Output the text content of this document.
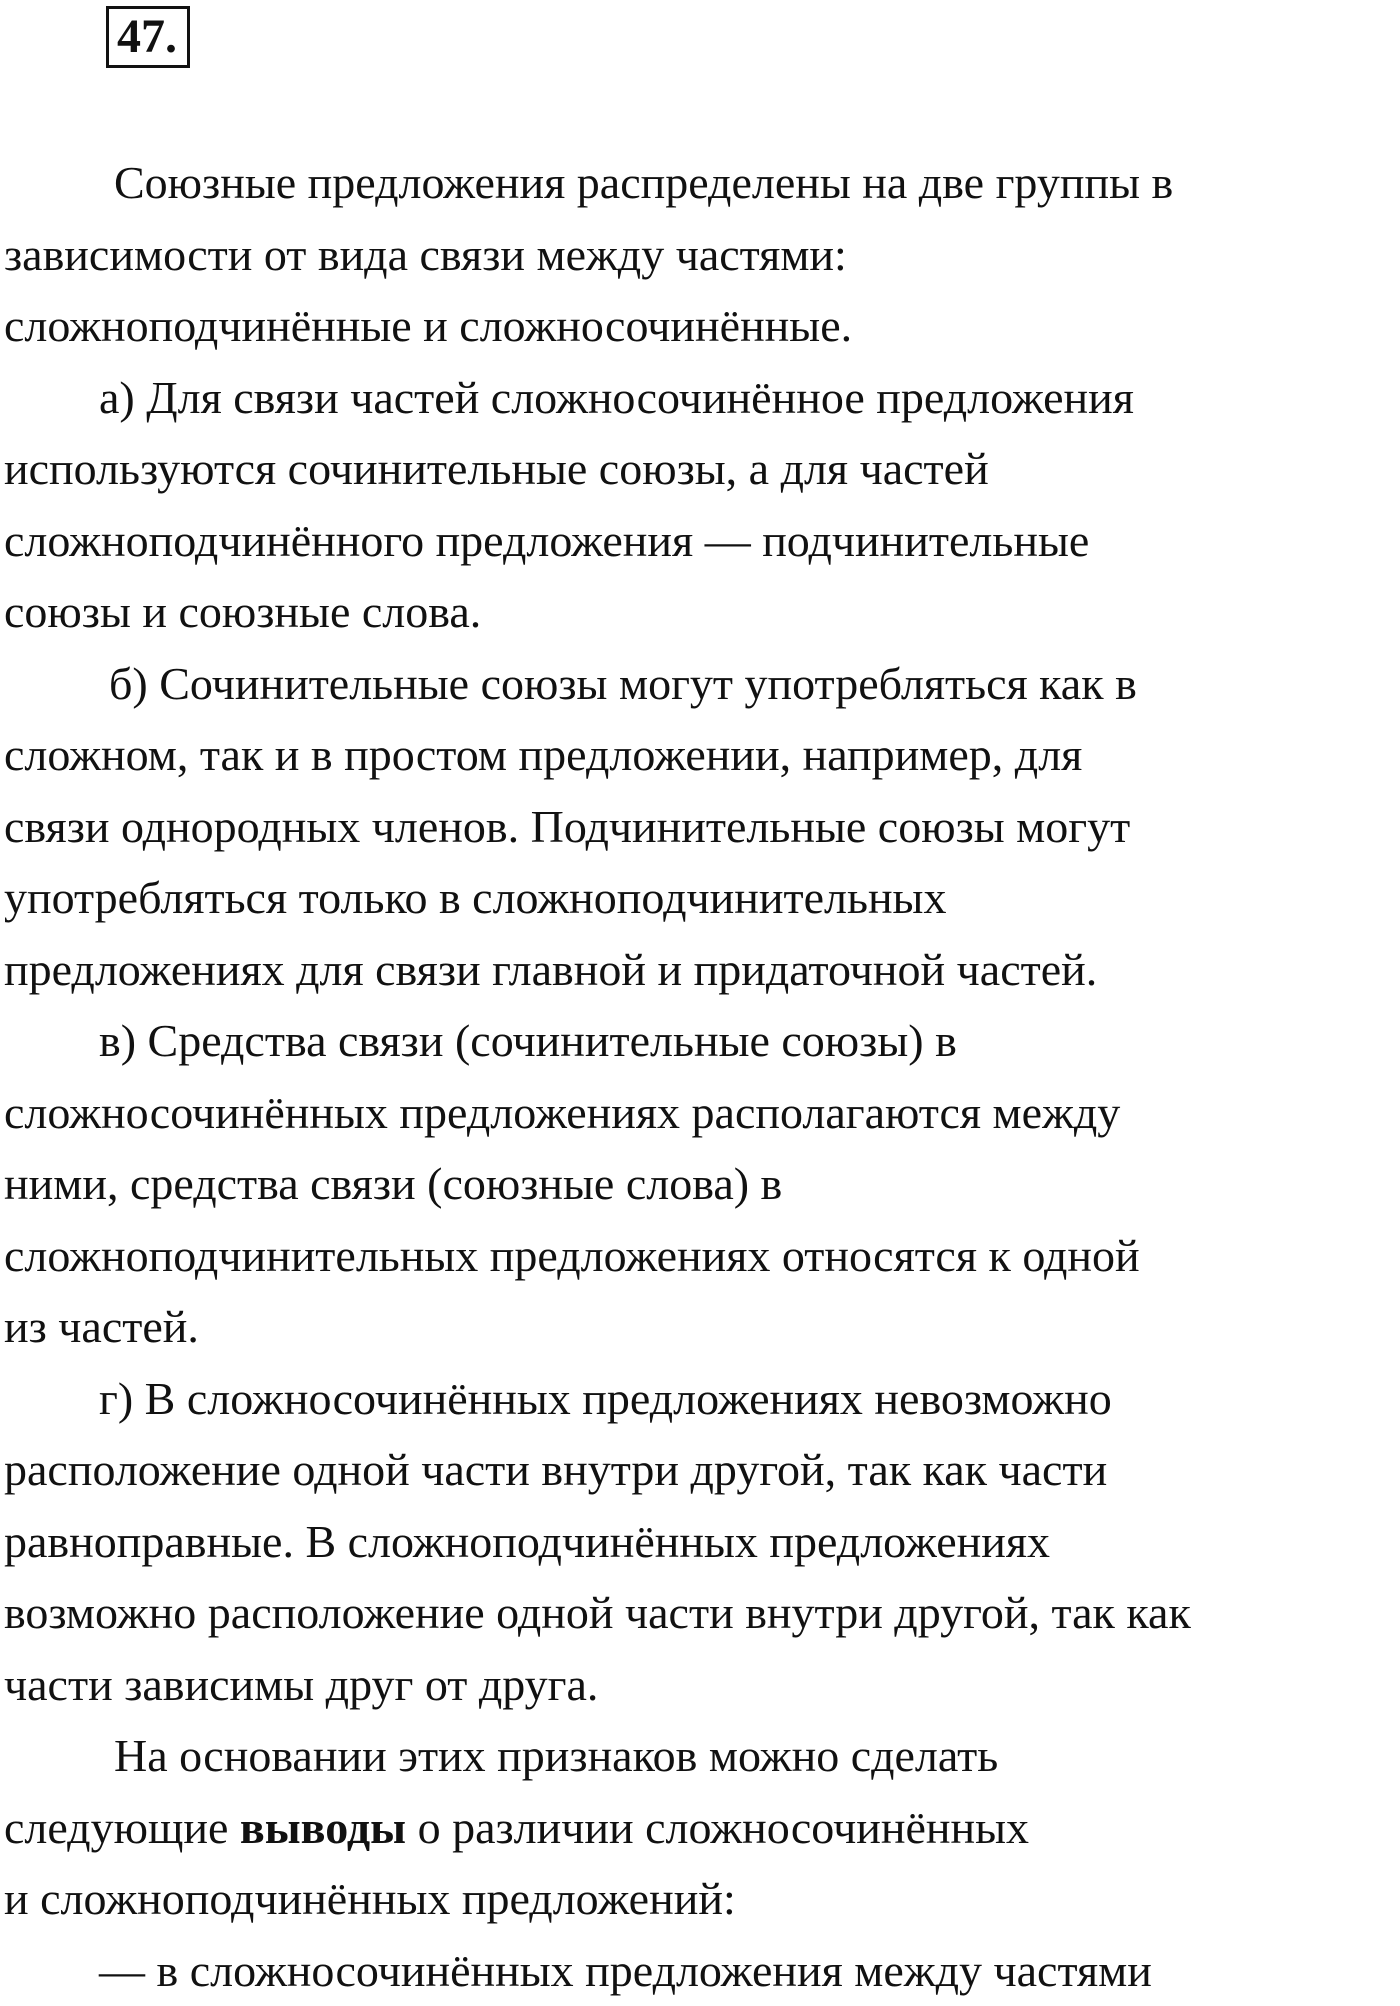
47.
Союзные предложения распределены на две группы в
зависимости от вида связи между частями:
сложноподчинённые и сложносочинённые.
а) Для связи частей сложносочинённое предложения
используются сочинительные союзы, а для частей
сложноподчинённого предложения — подчинительные
союзы и союзные слова.
б) Сочинительные союзы могут употребляться как в
сложном, так и в простом предложении, например, для
связи однородных членов. Подчинительные союзы могут
употребляться только в сложноподчинительных
предложениях для связи главной и придаточной частей.
в) Средства связи (сочинительные союзы) в
сложносочинённых предложениях располагаются между
ними, средства связи (союзные слова) в
сложноподчинительных предложениях относятся к одной
из частей.
г) В сложносочинённых предложениях невозможно
расположение одной части внутри другой, так как части
равноправные. В сложноподчинённых предложениях
возможно расположение одной части внутри другой, так как
части зависимы друг от друга.
На основании этих признаков можно сделать
следующие выводы о различии сложносочинённых
и сложноподчинённых предложений:
— в сложносочинённых предложения между частями
